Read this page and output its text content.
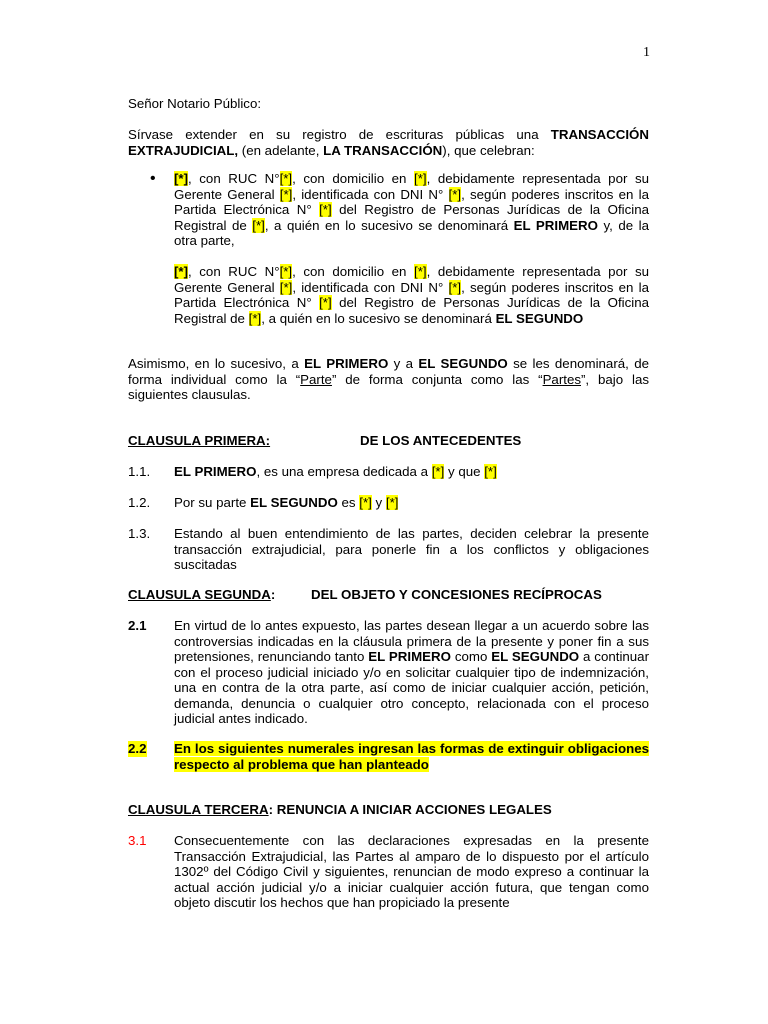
1
Señor Notario Público:
Sírvase extender en su registro de escrituras públicas una TRANSACCIÓN EXTRAJUDICIAL, (en adelante, LA TRANSACCIÓN), que celebran:
• [*], con RUC N°[*], con domicilio en [*], debidamente representada por su Gerente General [*], identificada con DNI N° [*], según poderes inscritos en la Partida Electrónica N° [*] del Registro de Personas Jurídicas de la Oficina Registral de [*], a quién en lo sucesivo se denominará EL PRIMERO y, de la otra parte,
[*], con RUC N°[*], con domicilio en [*], debidamente representada por su Gerente General [*], identificada con DNI N° [*], según poderes inscritos en la Partida Electrónica N° [*] del Registro de Personas Jurídicas de la Oficina Registral de [*], a quién en lo sucesivo se denominará EL SEGUNDO
Asimismo, en lo sucesivo, a EL PRIMERO y a EL SEGUNDO se les denominará, de forma individual como la “Parte” de forma conjunta como las “Partes”, bajo las siguientes clausulas.
CLAUSULA PRIMERA:	DE LOS ANTECEDENTES
1.1. EL PRIMERO, es una empresa dedicada a [*] y que [*]
1.2. Por su parte EL SEGUNDO es [*] y [*]
1.3. Estando al buen entendimiento de las partes, deciden celebrar la presente transacción extrajudicial, para ponerle fin a los conflictos y obligaciones suscitadas
CLAUSULA SEGUNDA:	DEL OBJETO Y CONCESIONES RECÍPROCAS
2.1 En virtud de lo antes expuesto, las partes desean llegar a un acuerdo sobre las controversias indicadas en la cláusula primera de la presente y poner fin a sus pretensiones, renunciando tanto EL PRIMERO como EL SEGUNDO a continuar con el proceso judicial iniciado y/o en solicitar cualquier tipo de indemnización, una en contra de la otra parte, así como de iniciar cualquier acción, petición, demanda, denuncia o cualquier otro concepto, relacionada con el proceso judicial antes indicado.
2.2 En los siguientes numerales ingresan las formas de extinguir obligaciones respecto al problema que han planteado
CLAUSULA TERCERA: RENUNCIA A INICIAR ACCIONES LEGALES
3.1 Consecuentemente con las declaraciones expresadas en la presente Transacción Extrajudicial, las Partes al amparo de lo dispuesto por el artículo 1302º del Código Civil y siguientes, renuncian de modo expreso a continuar la actual acción judicial y/o a iniciar cualquier acción futura, que tengan como objeto discutir los hechos que han propiciado la presente
